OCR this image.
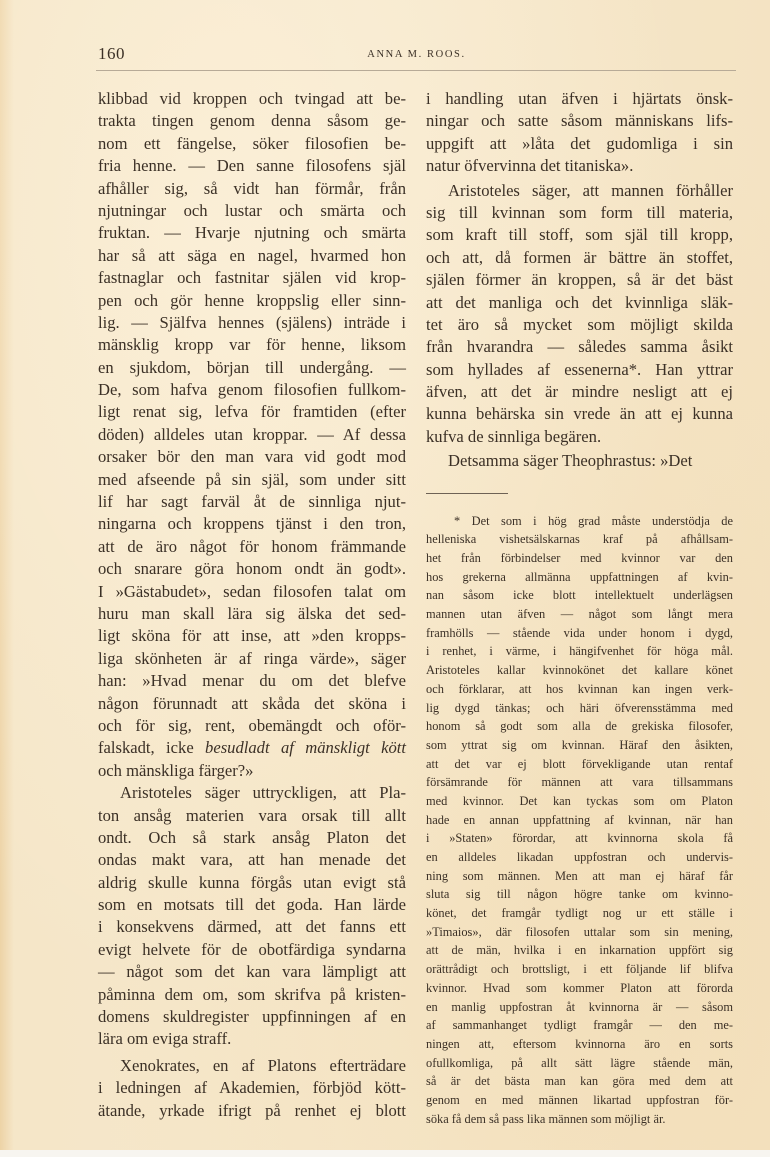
160	ANNA M. ROOS.
klibbad vid kroppen och tvingad att be-
trakta tingen genom denna såsom ge-
nom ett fängelse, söker filosofien be-
fria henne. — Den sanne filosofens själ
afhåller sig, så vidt han förmår, från
njutningar och lustar och smärta och
fruktan. — Hvarje njutning och smärta
har så att säga en nagel, hvarmed hon
fastnaglar och fastnitar själen vid krop-
pen och gör henne kroppslig eller sinn-
lig. — Själfva hennes (själens) inträde i
mänsklig kropp var för henne, liksom
en sjukdom, början till undergång. —
De, som hafva genom filosofien fullkom-
ligt renat sig, lefva för framtiden (efter
döden) alldeles utan kroppar. — Af dessa
orsaker bör den man vara vid godt mod
med afseende på sin själ, som under sitt
lif har sagt farväl åt de sinnliga njut-
ningarna och kroppens tjänst i den tron,
att de äro något för honom främmande
och snarare göra honom ondt än godt».
I »Gästabudet», sedan filosofen talat om
huru man skall lära sig älska det sed-
ligt sköna för att inse, att »den kropps-
liga skönheten är af ringa värde», säger
han: »Hvad menar du om det blefve
någon förunnadt att skåda det sköna i
och för sig, rent, obemängdt och oför-
falskadt, icke besudladt af mänskligt kött
och mänskliga färger?»
Aristoteles säger uttryckligen, att Pla-
ton ansåg materien vara orsak till allt
ondt. Och så stark ansåg Platon det
ondas makt vara, att han menade det
aldrig skulle kunna förgås utan evigt stå
som en motsats till det goda. Han lärde
i konsekvens därmed, att det fanns ett
evigt helvete för de obotfärdiga syndarna
— något som det kan vara lämpligt att
påminna dem om, som skrifva på kristen-
domens skuldregister uppfinningen af en
lära om eviga straff.
Xenokrates, en af Platons efterträdare
i ledningen af Akademien, förbjöd kött-
ätande, yrkade ifrigt på renhet ej blott
i handling utan äfven i hjärtats önsk-
ningar och satte såsom människans lifs-
uppgift att »låta det gudomliga i sin
natur öfvervinna det titaniska».
Aristoteles säger, att mannen förhåller
sig till kvinnan som form till materia,
som kraft till stoff, som själ till kropp,
och att, då formen är bättre än stoffet,
själen förmer än kroppen, så är det bäst
att det manliga och det kvinnliga släk-
tet äro så mycket som möjligt skilda
från hvarandra — således samma åsikt
som hyllades af essenerna*. Han yttrar
äfven, att det är mindre nesligt att ej
kunna behärska sin vrede än att ej kunna
kufva de sinnliga begären.
Detsamma säger Theophrastus: »Det
* Det som i hög grad måste understödja de
helleniska vishetsälskarnas kraf på afhållsam-
het från förbindelser med kvinnor var den
hos grekerna allmänna uppfattningen af kvin-
nan såsom icke blott intellektuelt underlägsen
mannen utan äfven — något som långt mera
framhölls — stående vida under honom i dygd,
i renhet, i värme, i hängifvenhet för höga mål.
Aristoteles kallar kvinnokönet det kallare könet
och förklarar, att hos kvinnan kan ingen verk-
lig dygd tänkas; och häri öfverensstämma med
honom så godt som alla de grekiska filosofer,
som yttrat sig om kvinnan. Häraf den åsikten,
att det var ej blott förvekligande utan rentaf
försämrande för männen att vara tillsammans
med kvinnor. Det kan tyckas som om Platon
hade en annan uppfattning af kvinnan, när han
i »Staten» förordar, att kvinnorna skola få
en alldeles likadan uppfostran och undervis-
ning som männen. Men att man ej häraf får
sluta sig till någon högre tanke om kvinno-
könet, det framgår tydligt nog ur ett ställe i
»Timaios», där filosofen uttalar som sin mening,
att de män, hvilka i en inkarnation uppfört sig
orättrådigt och brottsligt, i ett följande lif blifva
kvinnor. Hvad som kommer Platon att förorda
en manlig uppfostran åt kvinnorna är — såsom
af sammanhanget tydligt framgår — den me-
ningen att, eftersom kvinnorna äro en sorts
ofullkomliga, på allt sätt lägre stående män,
så är det bästa man kan göra med dem att
genom en med männen likartad uppfostran för-
söka få dem så pass lika männen som möjligt är.
